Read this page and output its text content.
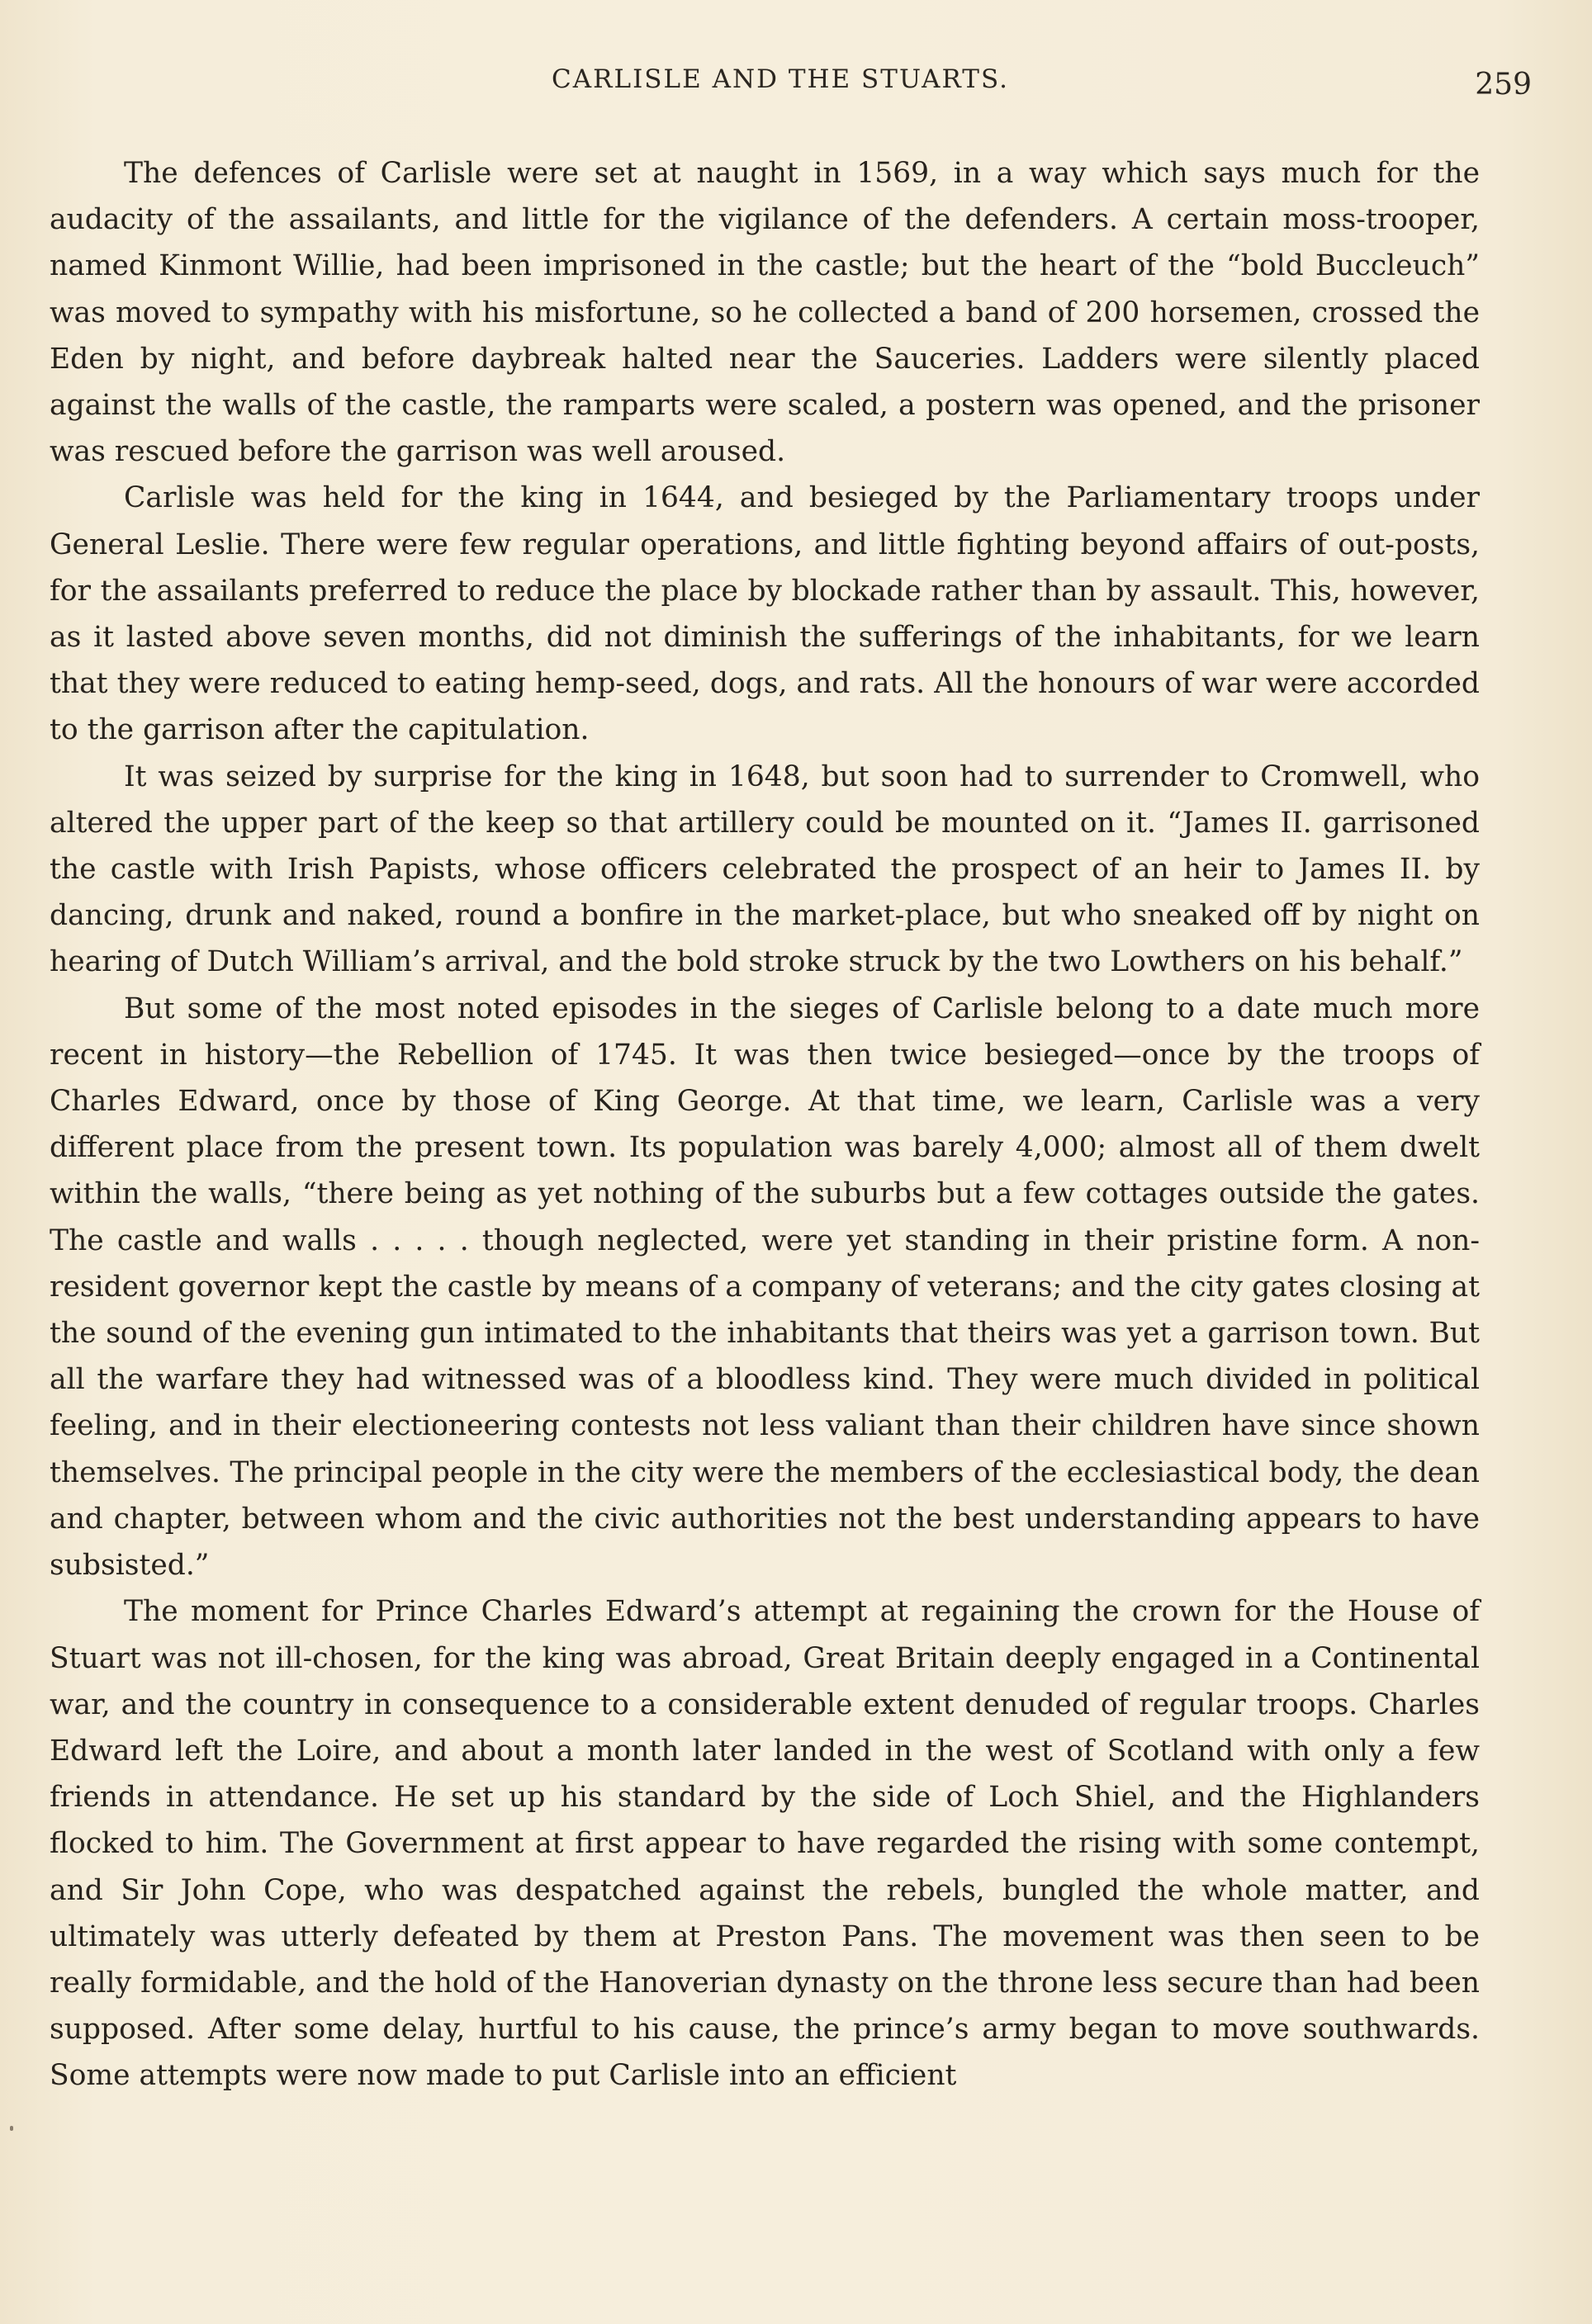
CARLISLE AND THE STUARTS.	259

The defences of Carlisle were set at naught in 1569, in a way which says much for the audacity of the assailants, and little for the vigilance of the defenders. A certain moss-trooper, named Kinmont Willie, had been imprisoned in the castle; but the heart of the “bold Buccleuch” was moved to sympathy with his misfortune, so he collected a band of 200 horsemen, crossed the Eden by night, and before daybreak halted near the Sauceries. Ladders were silently placed against the walls of the castle, the ramparts were scaled, a postern was opened, and the prisoner was rescued before the garrison was well aroused.

Carlisle was held for the king in 1644, and besieged by the Parliamentary troops under General Leslie. There were few regular operations, and little fighting beyond affairs of out-posts, for the assailants preferred to reduce the place by blockade rather than by assault. This, however, as it lasted above seven months, did not diminish the sufferings of the inhabitants, for we learn that they were reduced to eating hemp-seed, dogs, and rats. All the honours of war were accorded to the garrison after the capitulation.

It was seized by surprise for the king in 1648, but soon had to surrender to Cromwell, who altered the upper part of the keep so that artillery could be mounted on it. “James II. garrisoned the castle with Irish Papists, whose officers celebrated the prospect of an heir to James II. by dancing, drunk and naked, round a bonfire in the market-place, but who sneaked off by night on hearing of Dutch William’s arrival, and the bold stroke struck by the two Lowthers on his behalf.”

But some of the most noted episodes in the sieges of Carlisle belong to a date much more recent in history—the Rebellion of 1745. It was then twice besieged—once by the troops of Charles Edward, once by those of King George. At that time, we learn, Carlisle was a very different place from the present town. Its population was barely 4,000; almost all of them dwelt within the walls, “there being as yet nothing of the suburbs but a few cottages outside the gates. The castle and walls . . . . . though neglected, were yet standing in their pristine form. A non-resident governor kept the castle by means of a company of veterans; and the city gates closing at the sound of the evening gun intimated to the inhabitants that theirs was yet a garrison town. But all the warfare they had witnessed was of a bloodless kind. They were much divided in political feeling, and in their electioneering contests not less valiant than their children have since shown themselves. The principal people in the city were the members of the ecclesiastical body, the dean and chapter, between whom and the civic authorities not the best understanding appears to have subsisted.”

The moment for Prince Charles Edward’s attempt at regaining the crown for the House of Stuart was not ill-chosen, for the king was abroad, Great Britain deeply engaged in a Continental war, and the country in consequence to a considerable extent denuded of regular troops. Charles Edward left the Loire, and about a month later landed in the west of Scotland with only a few friends in attendance. He set up his standard by the side of Loch Shiel, and the Highlanders flocked to him. The Government at first appear to have regarded the rising with some contempt, and Sir John Cope, who was despatched against the rebels, bungled the whole matter, and ultimately was utterly defeated by them at Preston Pans. The movement was then seen to be really formidable, and the hold of the Hanoverian dynasty on the throne less secure than had been supposed. After some delay, hurtful to his cause, the prince’s army began to move southwards. Some attempts were now made to put Carlisle into an efficient
